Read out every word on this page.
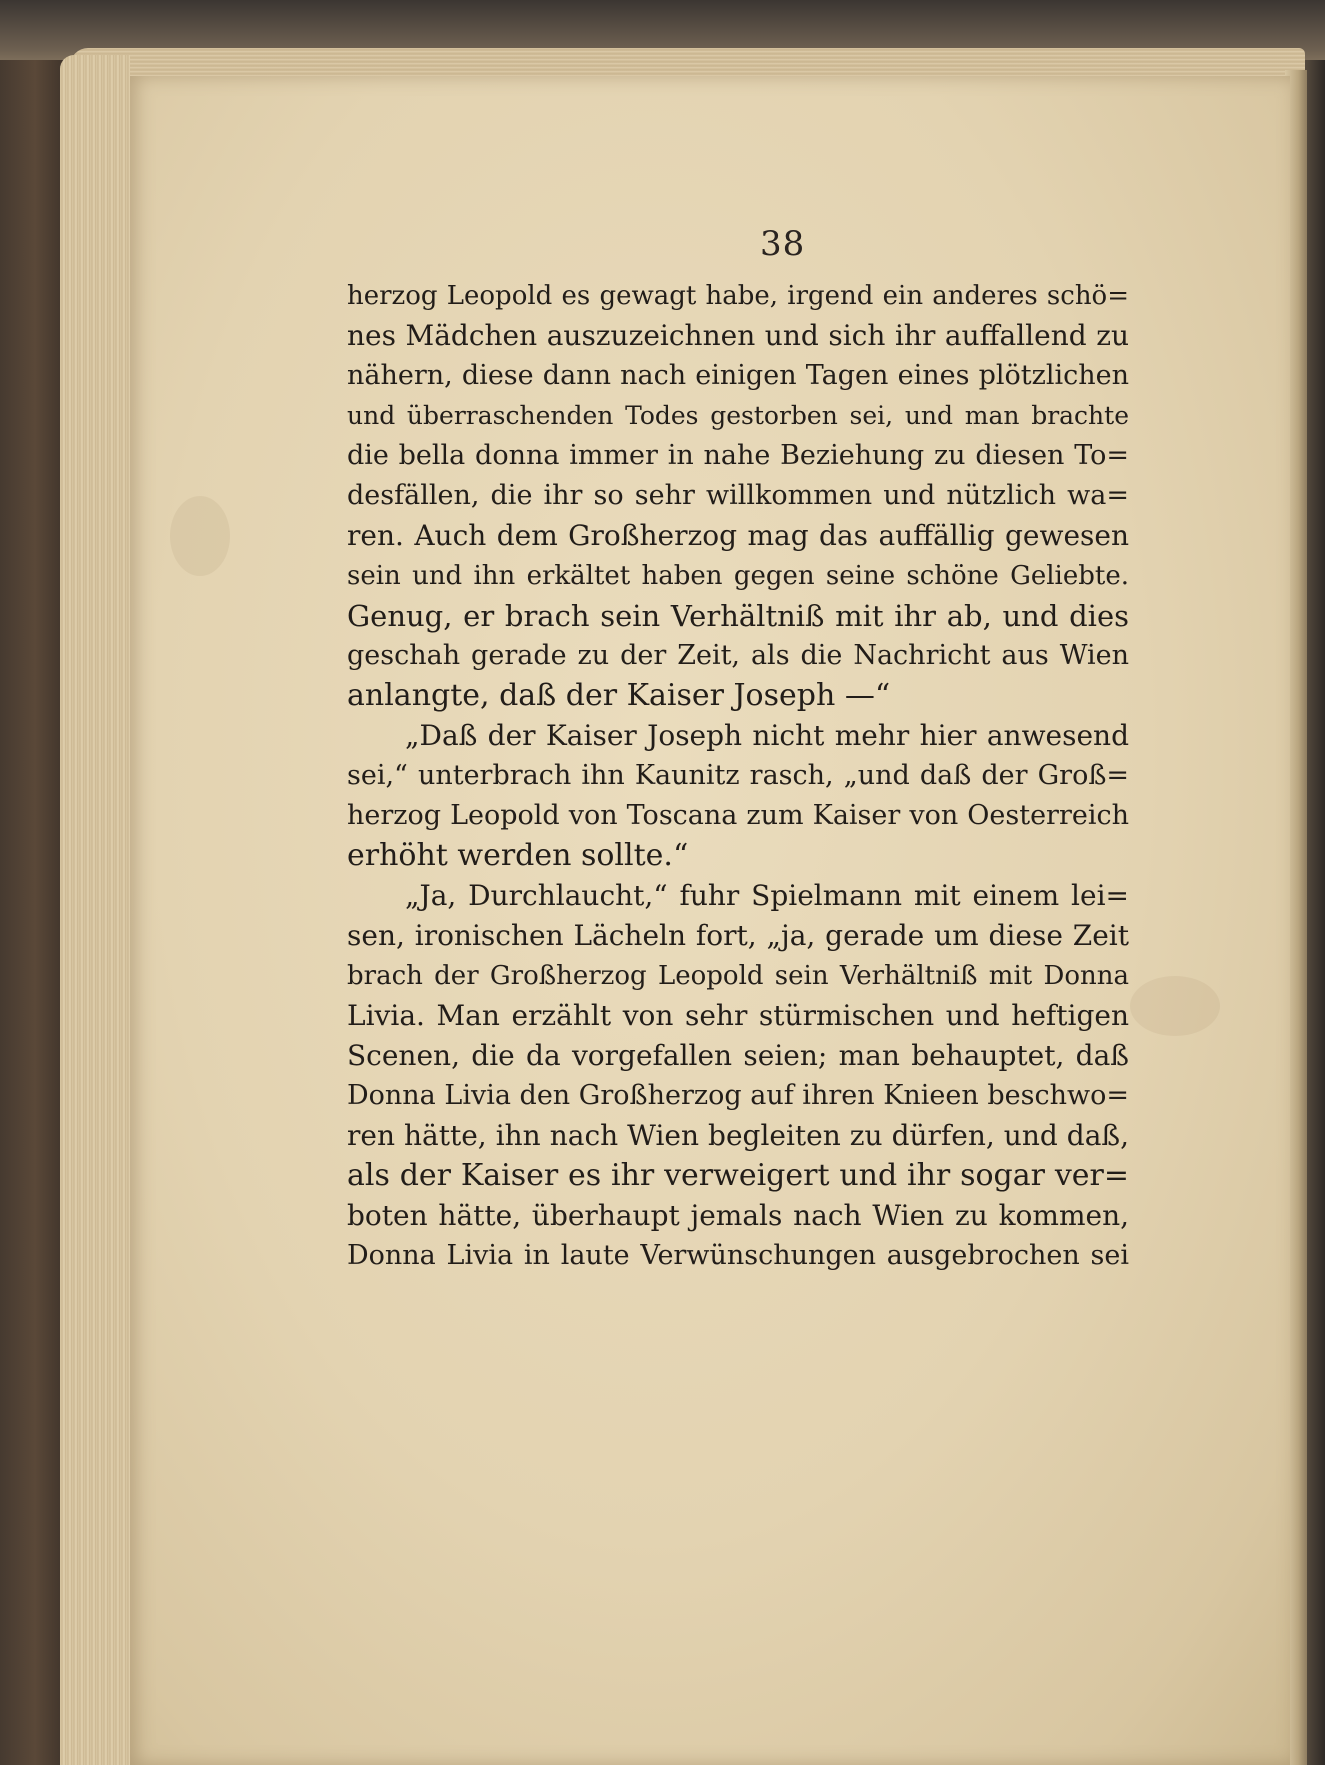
38
herzog Leopold es gewagt habe, irgend ein anderes schö=
nes Mädchen auszuzeichnen und sich ihr auffallend zu
nähern, diese dann nach einigen Tagen eines plötzlichen
und überraschenden Todes gestorben sei, und man brachte
die bella donna immer in nahe Beziehung zu diesen To=
desfällen, die ihr so sehr willkommen und nützlich wa=
ren. Auch dem Großherzog mag das auffällig gewesen
sein und ihn erkältet haben gegen seine schöne Geliebte.
Genug, er brach sein Verhältniß mit ihr ab, und dies
geschah gerade zu der Zeit, als die Nachricht aus Wien
anlangte, daß der Kaiser Joseph —“
„Daß der Kaiser Joseph nicht mehr hier anwesend
sei,“ unterbrach ihn Kaunitz rasch, „und daß der Groß=
herzog Leopold von Toscana zum Kaiser von Oesterreich
erhöht werden sollte.“
„Ja, Durchlaucht,“ fuhr Spielmann mit einem lei=
sen, ironischen Lächeln fort, „ja, gerade um diese Zeit
brach der Großherzog Leopold sein Verhältniß mit Donna
Livia. Man erzählt von sehr stürmischen und heftigen
Scenen, die da vorgefallen seien; man behauptet, daß
Donna Livia den Großherzog auf ihren Knieen beschwo=
ren hätte, ihn nach Wien begleiten zu dürfen, und daß,
als der Kaiser es ihr verweigert und ihr sogar ver=
boten hätte, überhaupt jemals nach Wien zu kommen,
Donna Livia in laute Verwünschungen ausgebrochen sei
